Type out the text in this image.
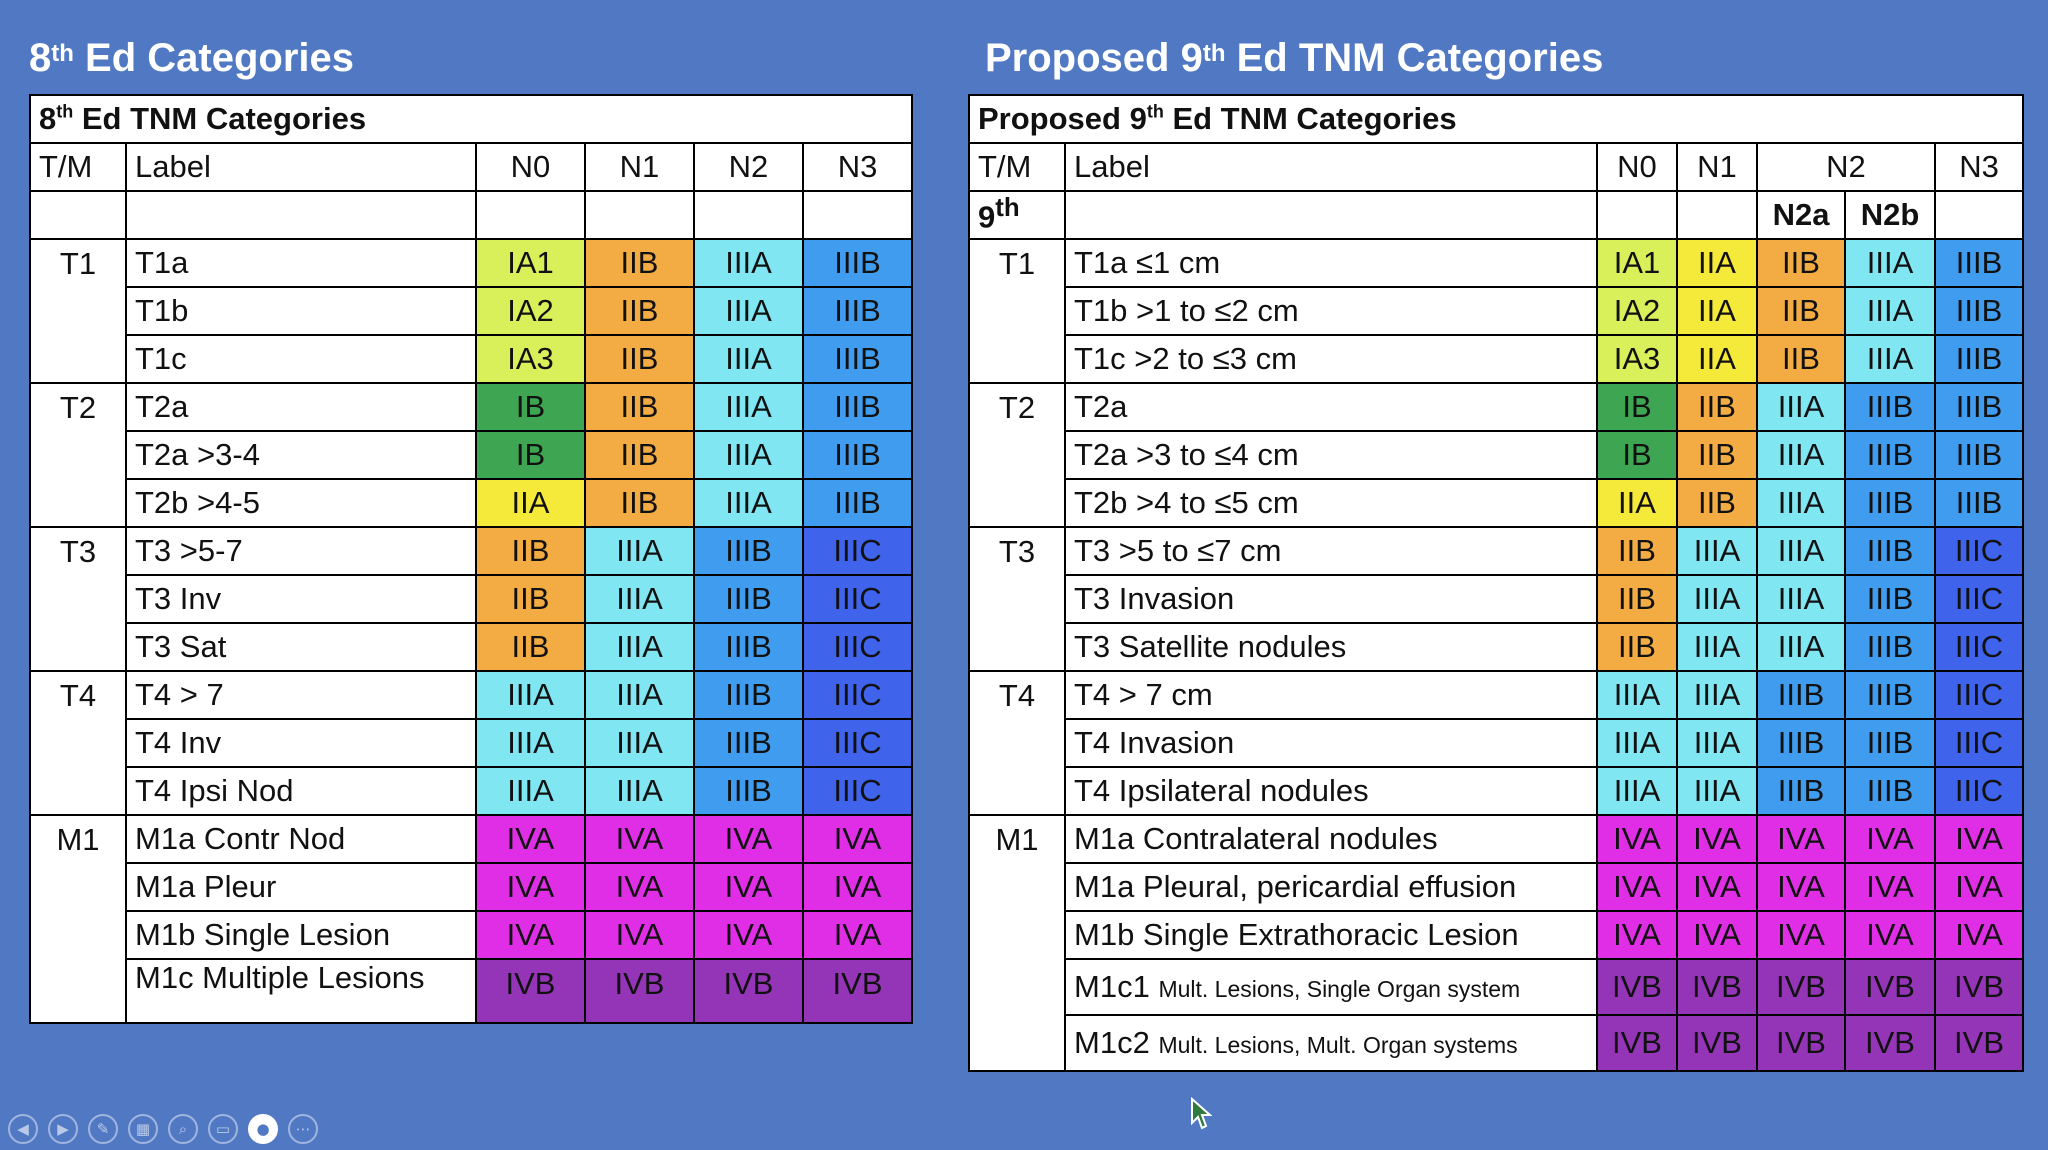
8th Ed Categories	Proposed 9th Ed TNM Categories
8th Ed TNM Categories					
T/M	Label	N0	N1	N2	N3

T1	T1a	IA1	IIB	IIIA	IIIB
	T1b	IA2	IIB	IIIA	IIIB
	T1c	IA3	IIB	IIIA	IIIB
T2	T2a	IB	IIB	IIIA	IIIB
	T2a >3-4	IB	IIB	IIIA	IIIB
	T2b >4-5	IIA	IIB	IIIA	IIIB
T3	T3 >5-7	IIB	IIIA	IIIB	IIIC
	T3 Inv	IIB	IIIA	IIIB	IIIC
	T3 Sat	IIB	IIIA	IIIB	IIIC
T4	T4 > 7	IIIA	IIIA	IIIB	IIIC
	T4 Inv	IIIA	IIIA	IIIB	IIIC
	T4 Ipsi Nod	IIIA	IIIA	IIIB	IIIC
M1	M1a Contr Nod	IVA	IVA	IVA	IVA
	M1a Pleur	IVA	IVA	IVA	IVA
	M1b Single Lesion	IVA	IVA	IVA	IVA
	M1c Multiple Lesions	IVB	IVB	IVB	IVB
Proposed 9th Ed TNM Categories						
T/M	Label	N0	N1	N2		N3
9th				N2a	N2b	
T1	T1a ≤1 cm	IA1	IIA	IIB	IIIA	IIIB
	T1b >1 to ≤2 cm	IA2	IIA	IIB	IIIA	IIIB
	T1c >2 to ≤3 cm	IA3	IIA	IIB	IIIA	IIIB
T2	T2a	IB	IIB	IIIA	IIIB	IIIB
	T2a >3 to ≤4 cm	IB	IIB	IIIA	IIIB	IIIB
	T2b >4 to ≤5 cm	IIA	IIB	IIIA	IIIB	IIIB
T3	T3 >5 to ≤7 cm	IIB	IIIA	IIIA	IIIB	IIIC
	T3 Invasion	IIB	IIIA	IIIA	IIIB	IIIC
	T3 Satellite nodules	IIB	IIIA	IIIA	IIIB	IIIC
T4	T4 > 7 cm	IIIA	IIIA	IIIB	IIIB	IIIC
	T4 Invasion	IIIA	IIIA	IIIB	IIIB	IIIC
	T4 Ipsilateral nodules	IIIA	IIIA	IIIB	IIIB	IIIC
M1	M1a Contralateral nodules	IVA	IVA	IVA	IVA	IVA
	M1a Pleural, pericardial effusion	IVA	IVA	IVA	IVA	IVA
	M1b Single Extrathoracic Lesion	IVA	IVA	IVA	IVA	IVA
	M1c1 Mult. Lesions, Single Organ system	IVB	IVB	IVB	IVB	IVB
	M1c2 Mult. Lesions, Mult. Organ systems	IVB	IVB	IVB	IVB	IVB
◀	▶	✎	▦	⌕	▭	●	⋯
